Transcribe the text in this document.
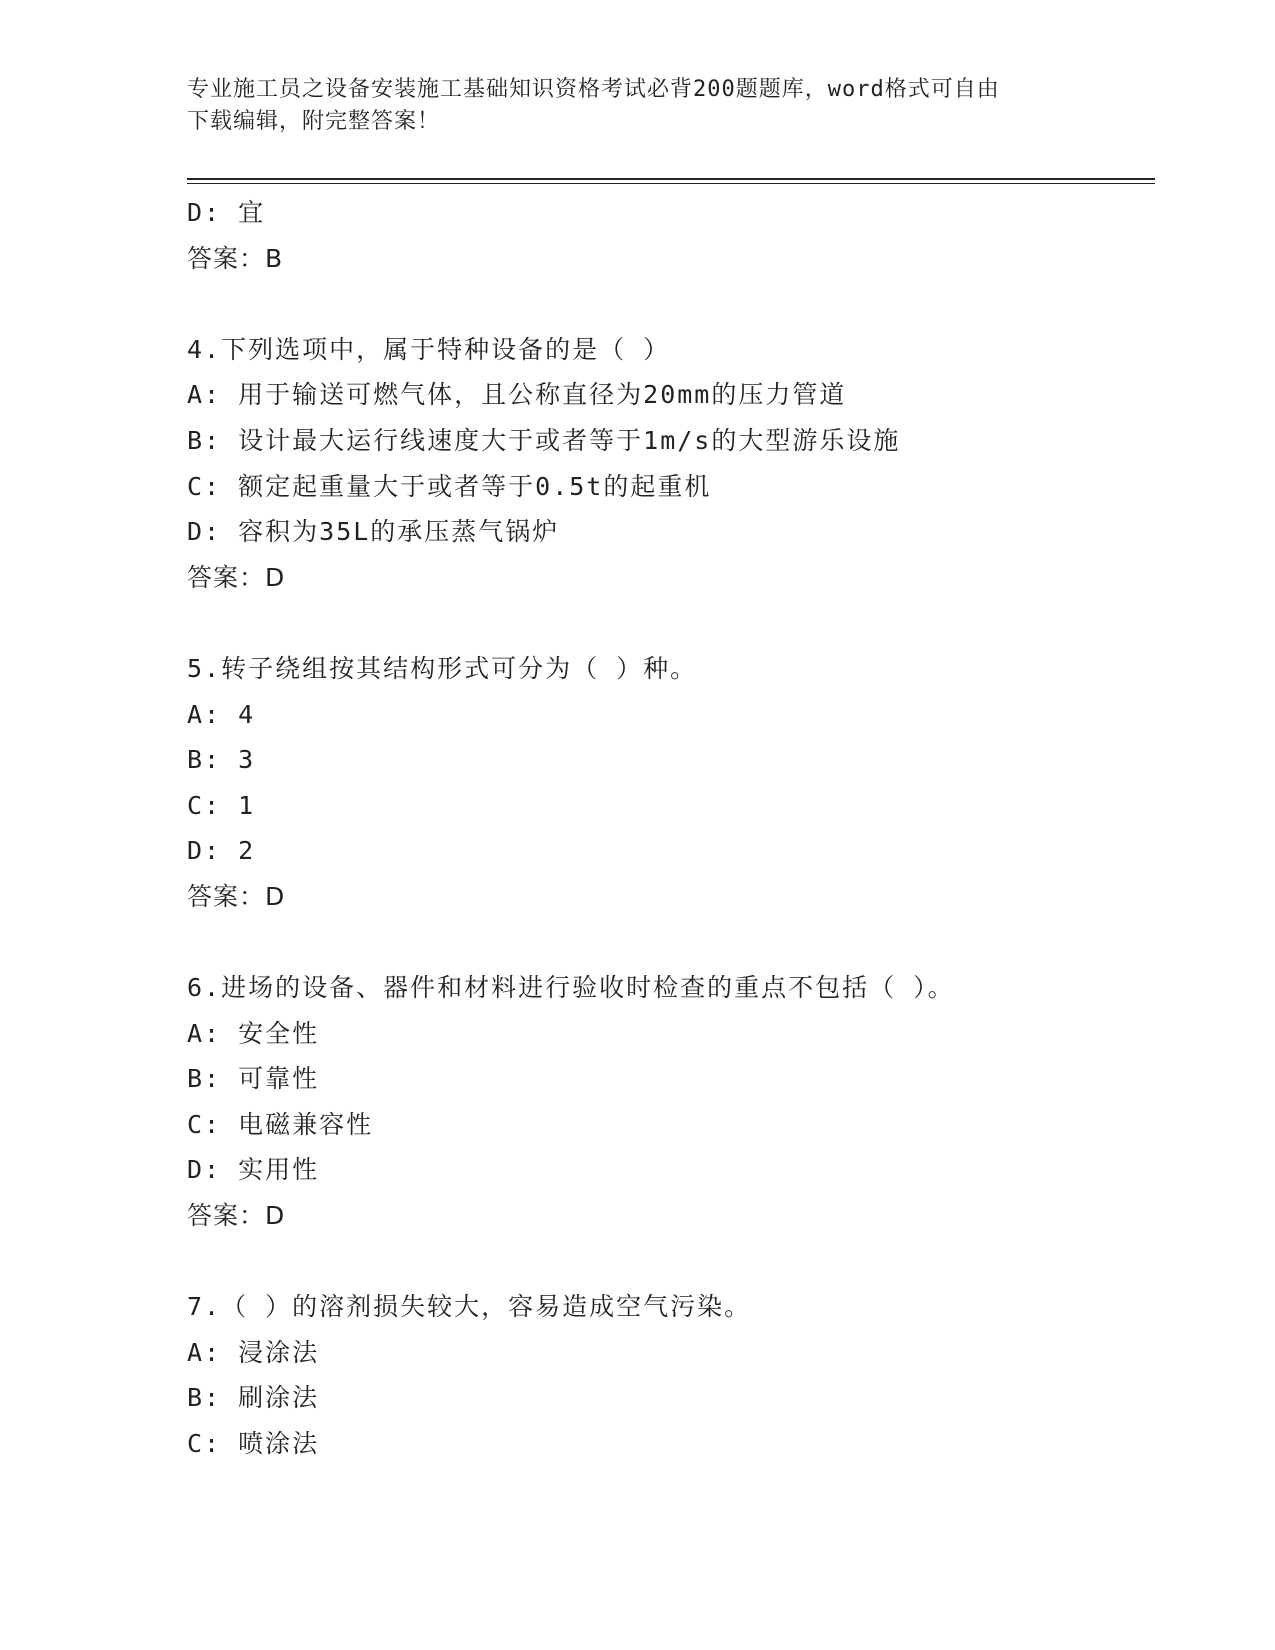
专业施工员之设备安装施工基础知识资格考试必背200题题库，word格式可自由
下载编辑，附完整答案！
D: 宜
答案：B
4.下列选项中，属于特种设备的是（ ）
A: 用于输送可燃气体，且公称直径为20mm的压力管道
B: 设计最大运行线速度大于或者等于1m/s的大型游乐设施
C: 额定起重量大于或者等于0.5t的起重机
D: 容积为35L的承压蒸气锅炉
答案：D
5.转子绕组按其结构形式可分为（ ）种。
A: 4
B: 3
C: 1
D: 2
答案：D
6.进场的设备、器件和材料进行验收时检查的重点不包括（ ）。
A: 安全性
B: 可靠性
C: 电磁兼容性
D: 实用性
答案：D
7.（ ）的溶剂损失较大，容易造成空气污染。
A: 浸涂法
B: 刷涂法
C: 喷涂法
